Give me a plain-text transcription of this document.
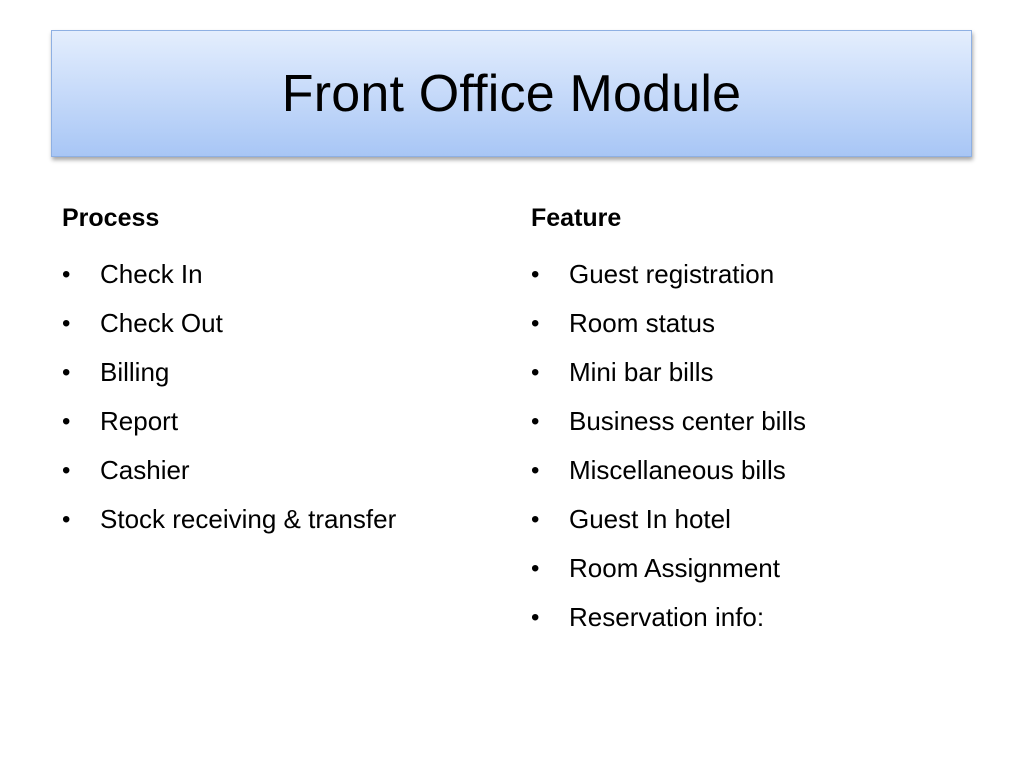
Front Office Module
Process
• Check In
• Check Out
• Billing
• Report
• Cashier
• Stock receiving & transfer
Feature
• Guest registration
• Room status
• Mini bar bills
• Business center bills
• Miscellaneous bills
• Guest In hotel
• Room Assignment
• Reservation info:
